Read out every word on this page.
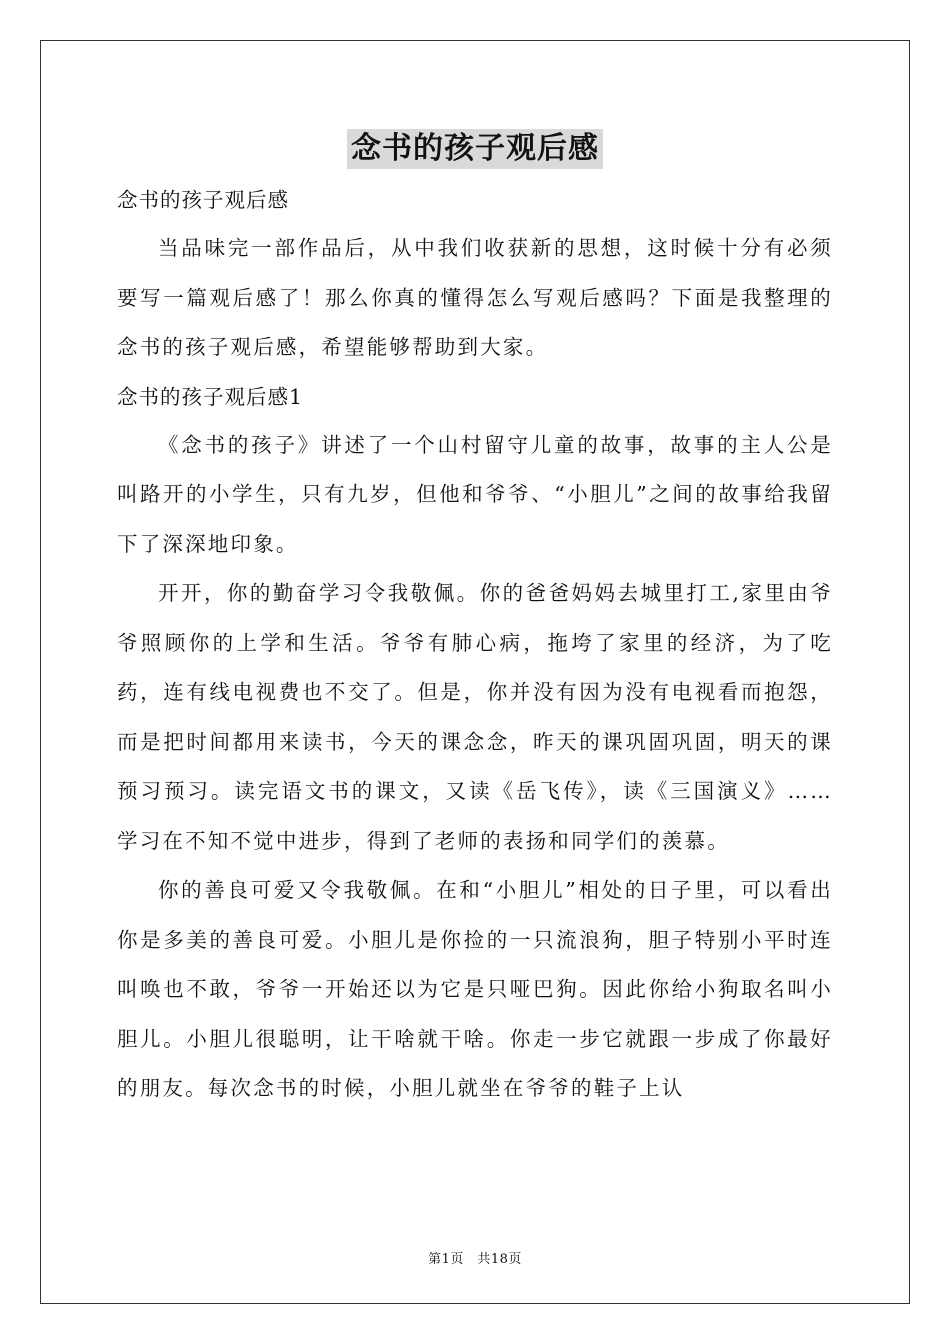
念书的孩子观后感

念书的孩子观后感

当品味完一部作品后，从中我们收获新的思想，这时候十分有必须要写一篇观后感了！那么你真的懂得怎么写观后感吗？下面是我整理的念书的孩子观后感，希望能够帮助到大家。

念书的孩子观后感1

《念书的孩子》讲述了一个山村留守儿童的故事，故事的主人公是叫路开的小学生，只有九岁，但他和爷爷、“小胆儿”之间的故事给我留下了深深地印象。

开开，你的勤奋学习令我敬佩。你的爸爸妈妈去城里打工,家里由爷爷照顾你的上学和生活。爷爷有肺心病，拖垮了家里的经济，为了吃药，连有线电视费也不交了。但是，你并没有因为没有电视看而抱怨，而是把时间都用来读书，今天的课念念，昨天的课巩固巩固，明天的课预习预习。读完语文书的课文，又读《岳飞传》，读《三国演义》……学习在不知不觉中进步，得到了老师的表扬和同学们的羡慕。

你的善良可爱又令我敬佩。在和“小胆儿”相处的日子里，可以看出你是多美的善良可爱。小胆儿是你捡的一只流浪狗，胆子特别小平时连叫唤也不敢，爷爷一开始还以为它是只哑巴狗。因此你给小狗取名叫小胆儿。小胆儿很聪明，让干啥就干啥。你走一步它就跟一步成了你最好的朋友。每次念书的时候，小胆儿就坐在爷爷的鞋子上认

第1页　共18页
